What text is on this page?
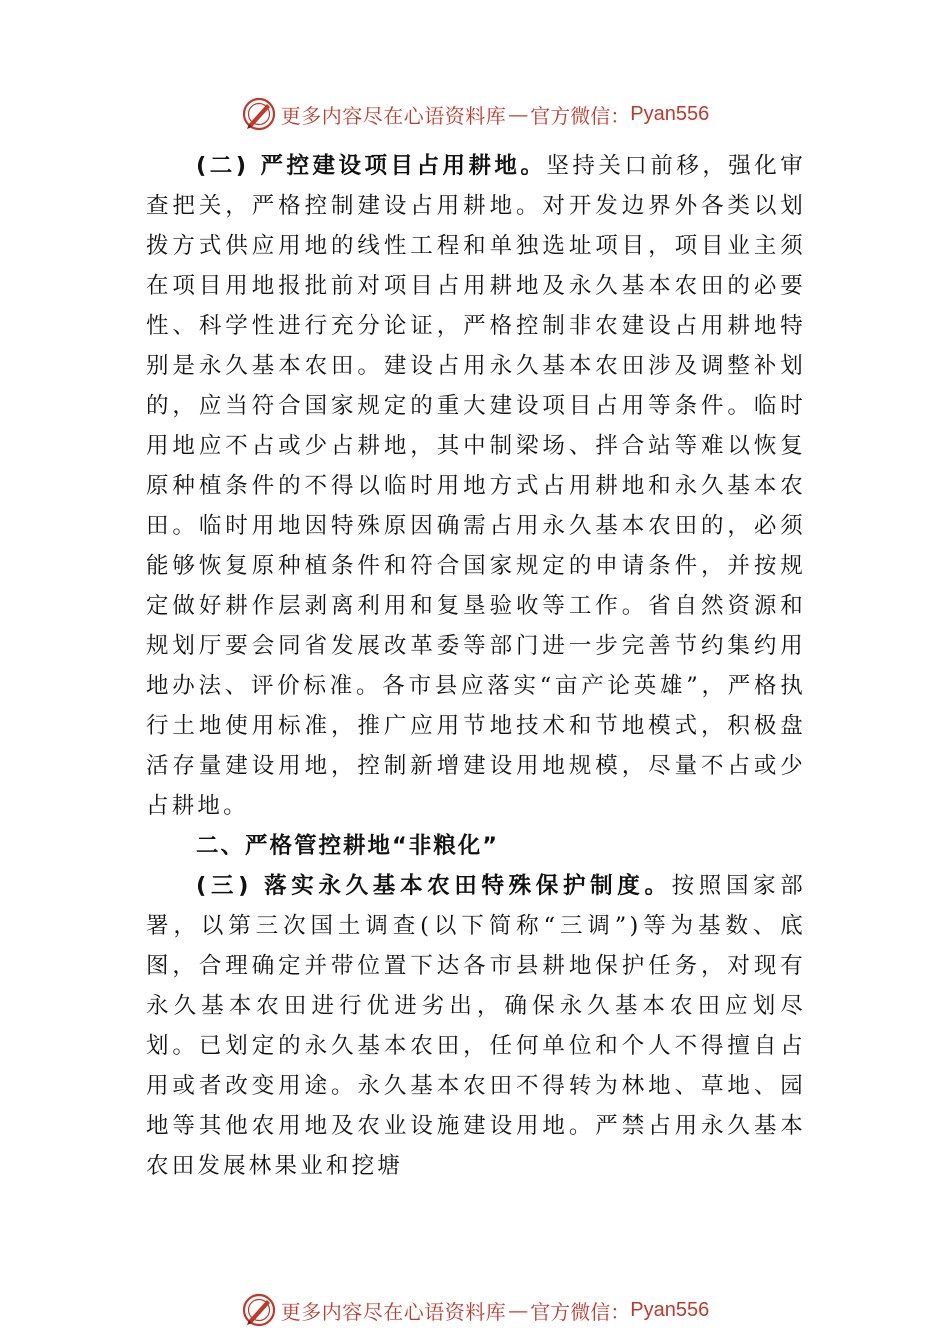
更多内容尽在心语资料库 — 官方微信： Pyan556

(二) 严控建设项目占用耕地。坚持关口前移，强化审查把关，严格控制建设占用耕地。对开发边界外各类以划拨方式供应用地的线性工程和单独选址项目，项目业主须在项目用地报批前对项目占用耕地及永久基本农田的必要性、科学性进行充分论证，严格控制非农建设占用耕地特别是永久基本农田。建设占用永久基本农田涉及调整补划的，应当符合国家规定的重大建设项目占用等条件。临时用地应不占或少占耕地，其中制梁场、拌合站等难以恢复原种植条件的不得以临时用地方式占用耕地和永久基本农田。临时用地因特殊原因确需占用永久基本农田的，必须能够恢复原种植条件和符合国家规定的申请条件，并按规定做好耕作层剥离利用和复垦验收等工作。省自然资源和规划厅要会同省发展改革委等部门进一步完善节约集约用地办法、评价标准。各市县应落实“亩产论英雄”，严格执行土地使用标准，推广应用节地技术和节地模式，积极盘活存量建设用地，控制新增建设用地规模，尽量不占或少占耕地。

二、严格管控耕地“非粮化”

(三) 落实永久基本农田特殊保护制度。按照国家部署，以第三次国土调查(以下简称“三调”)等为基数、底图，合理确定并带位置下达各市县耕地保护任务，对现有永久基本农田进行优进劣出，确保永久基本农田应划尽划。已划定的永久基本农田，任何单位和个人不得擅自占用或者改变用途。永久基本农田不得转为林地、草地、园地等其他农用地及农业设施建设用地。严禁占用永久基本农田发展林果业和挖塘

更多内容尽在心语资料库 — 官方微信： Pyan556
